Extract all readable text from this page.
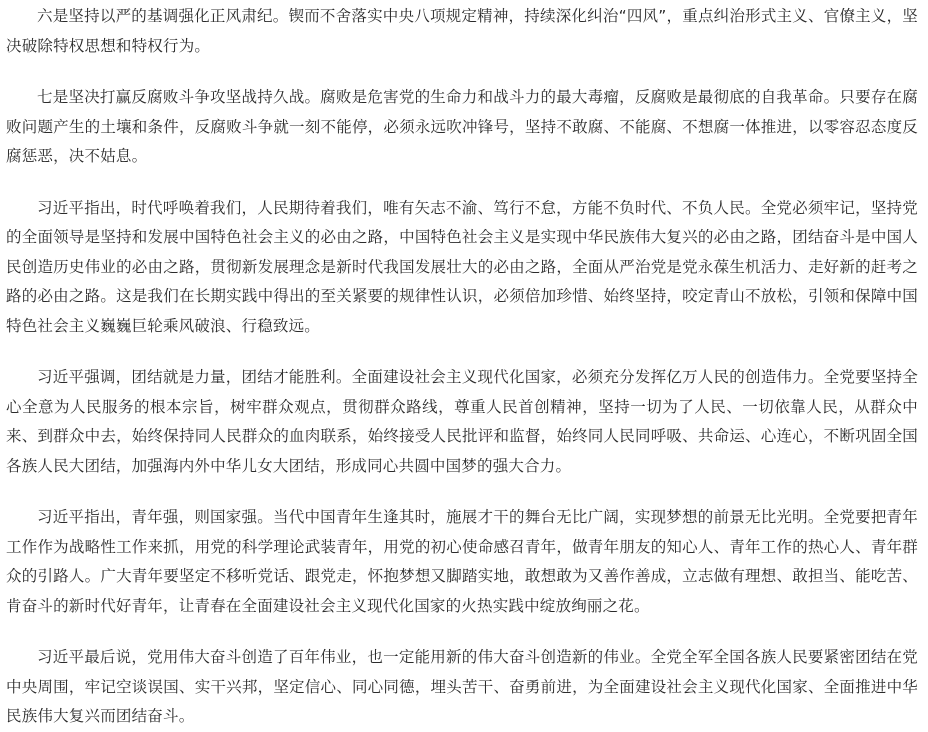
六是坚持以严的基调强化正风肃纪。锲而不舍落实中央八项规定精神，持续深化纠治“四风”，重点纠治形式主义、官僚主义，坚决破除特权思想和特权行为。

七是坚决打赢反腐败斗争攻坚战持久战。腐败是危害党的生命力和战斗力的最大毒瘤，反腐败是最彻底的自我革命。只要存在腐败问题产生的土壤和条件，反腐败斗争就一刻不能停，必须永远吹冲锋号，坚持不敢腐、不能腐、不想腐一体推进，以零容忍态度反腐惩恶，决不姑息。

习近平指出，时代呼唤着我们，人民期待着我们，唯有矢志不渝、笃行不怠，方能不负时代、不负人民。全党必须牢记，坚持党的全面领导是坚持和发展中国特色社会主义的必由之路，中国特色社会主义是实现中华民族伟大复兴的必由之路，团结奋斗是中国人民创造历史伟业的必由之路，贯彻新发展理念是新时代我国发展壮大的必由之路，全面从严治党是党永葆生机活力、走好新的赶考之路的必由之路。这是我们在长期实践中得出的至关紧要的规律性认识，必须倍加珍惜、始终坚持，咬定青山不放松，引领和保障中国特色社会主义巍巍巨轮乘风破浪、行稳致远。

习近平强调，团结就是力量，团结才能胜利。全面建设社会主义现代化国家，必须充分发挥亿万人民的创造伟力。全党要坚持全心全意为人民服务的根本宗旨，树牢群众观点，贯彻群众路线，尊重人民首创精神，坚持一切为了人民、一切依靠人民，从群众中来、到群众中去，始终保持同人民群众的血肉联系，始终接受人民批评和监督，始终同人民同呼吸、共命运、心连心，不断巩固全国各族人民大团结，加强海内外中华儿女大团结，形成同心共圆中国梦的强大合力。

习近平指出，青年强，则国家强。当代中国青年生逢其时，施展才干的舞台无比广阔，实现梦想的前景无比光明。全党要把青年工作作为战略性工作来抓，用党的科学理论武装青年，用党的初心使命感召青年，做青年朋友的知心人、青年工作的热心人、青年群众的引路人。广大青年要坚定不移听党话、跟党走，怀抱梦想又脚踏实地，敢想敢为又善作善成，立志做有理想、敢担当、能吃苦、肯奋斗的新时代好青年，让青春在全面建设社会主义现代化国家的火热实践中绽放绚丽之花。

习近平最后说，党用伟大奋斗创造了百年伟业，也一定能用新的伟大奋斗创造新的伟业。全党全军全国各族人民要紧密团结在党中央周围，牢记空谈误国、实干兴邦，坚定信心、同心同德，埋头苦干、奋勇前进，为全面建设社会主义现代化国家、全面推进中华民族伟大复兴而团结奋斗。
